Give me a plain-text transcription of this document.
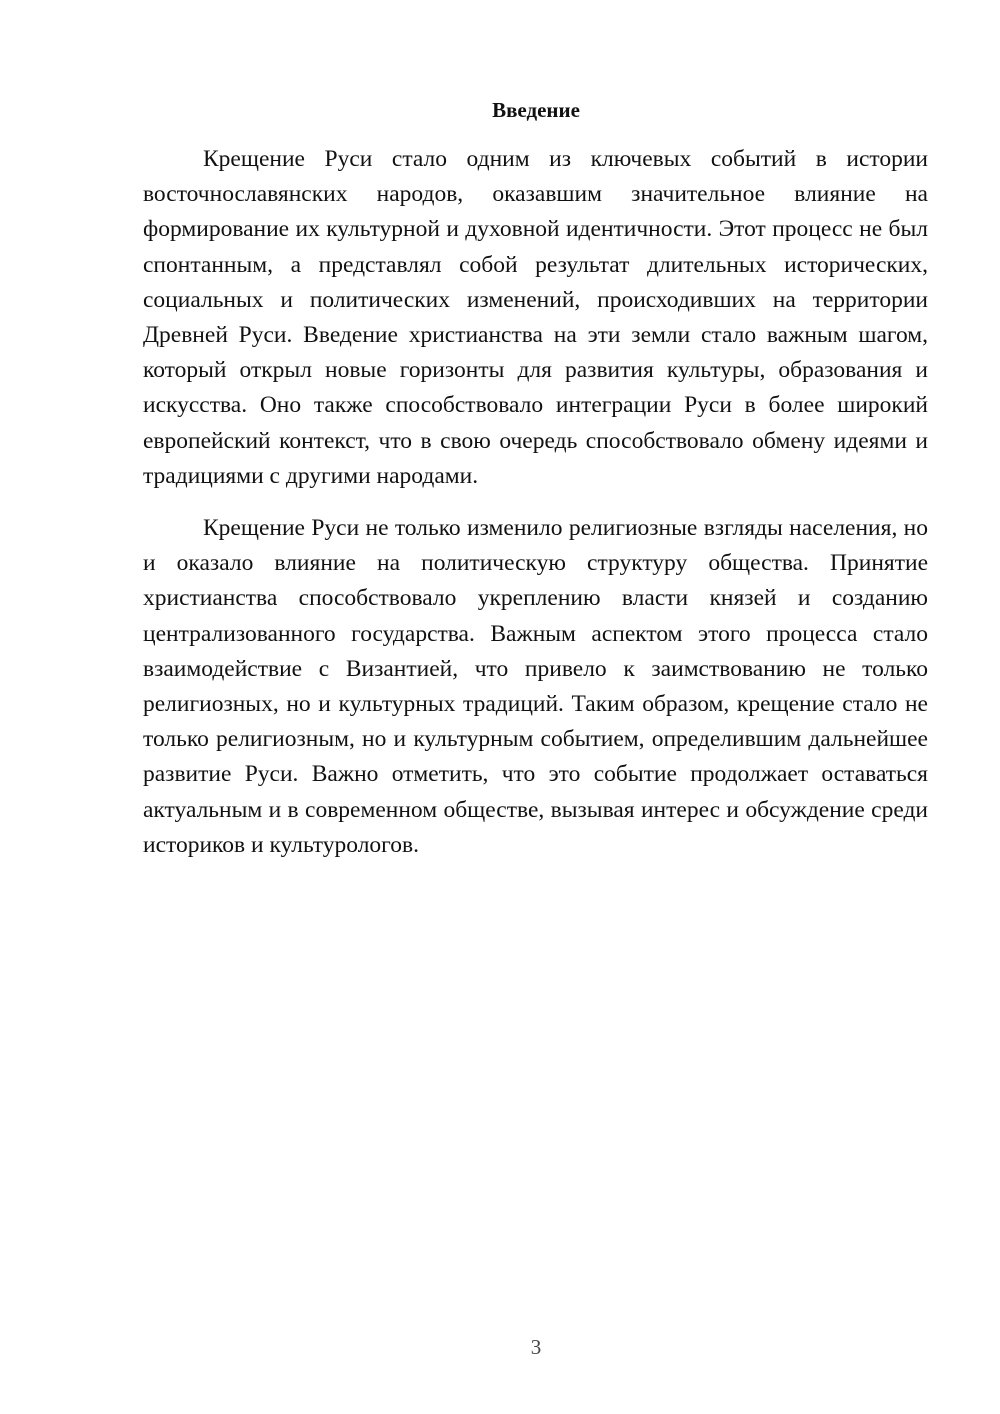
Введение

Крещение Руси стало одним из ключевых событий в истории восточнославянских народов, оказавшим значительное влияние на формирование их культурной и духовной идентичности. Этот процесс не был спонтанным, а представлял собой результат длительных исторических, социальных и политических изменений, происходивших на территории Древней Руси. Введение христианства на эти земли стало важным шагом, который открыл новые горизонты для развития культуры, образования и искусства. Оно также способствовало интеграции Руси в более широкий европейский контекст, что в свою очередь способствовало обмену идеями и традициями с другими народами.

Крещение Руси не только изменило религиозные взгляды населения, но и оказало влияние на политическую структуру общества. Принятие христианства способствовало укреплению власти князей и созданию централизованного государства. Важным аспектом этого процесса стало взаимодействие с Византией, что привело к заимствованию не только религиозных, но и культурных традиций. Таким образом, крещение стало не только религиозным, но и культурным событием, определившим дальнейшее развитие Руси. Важно отметить, что это событие продолжает оставаться актуальным и в современном обществе, вызывая интерес и обсуждение среди историков и культурологов.

3
